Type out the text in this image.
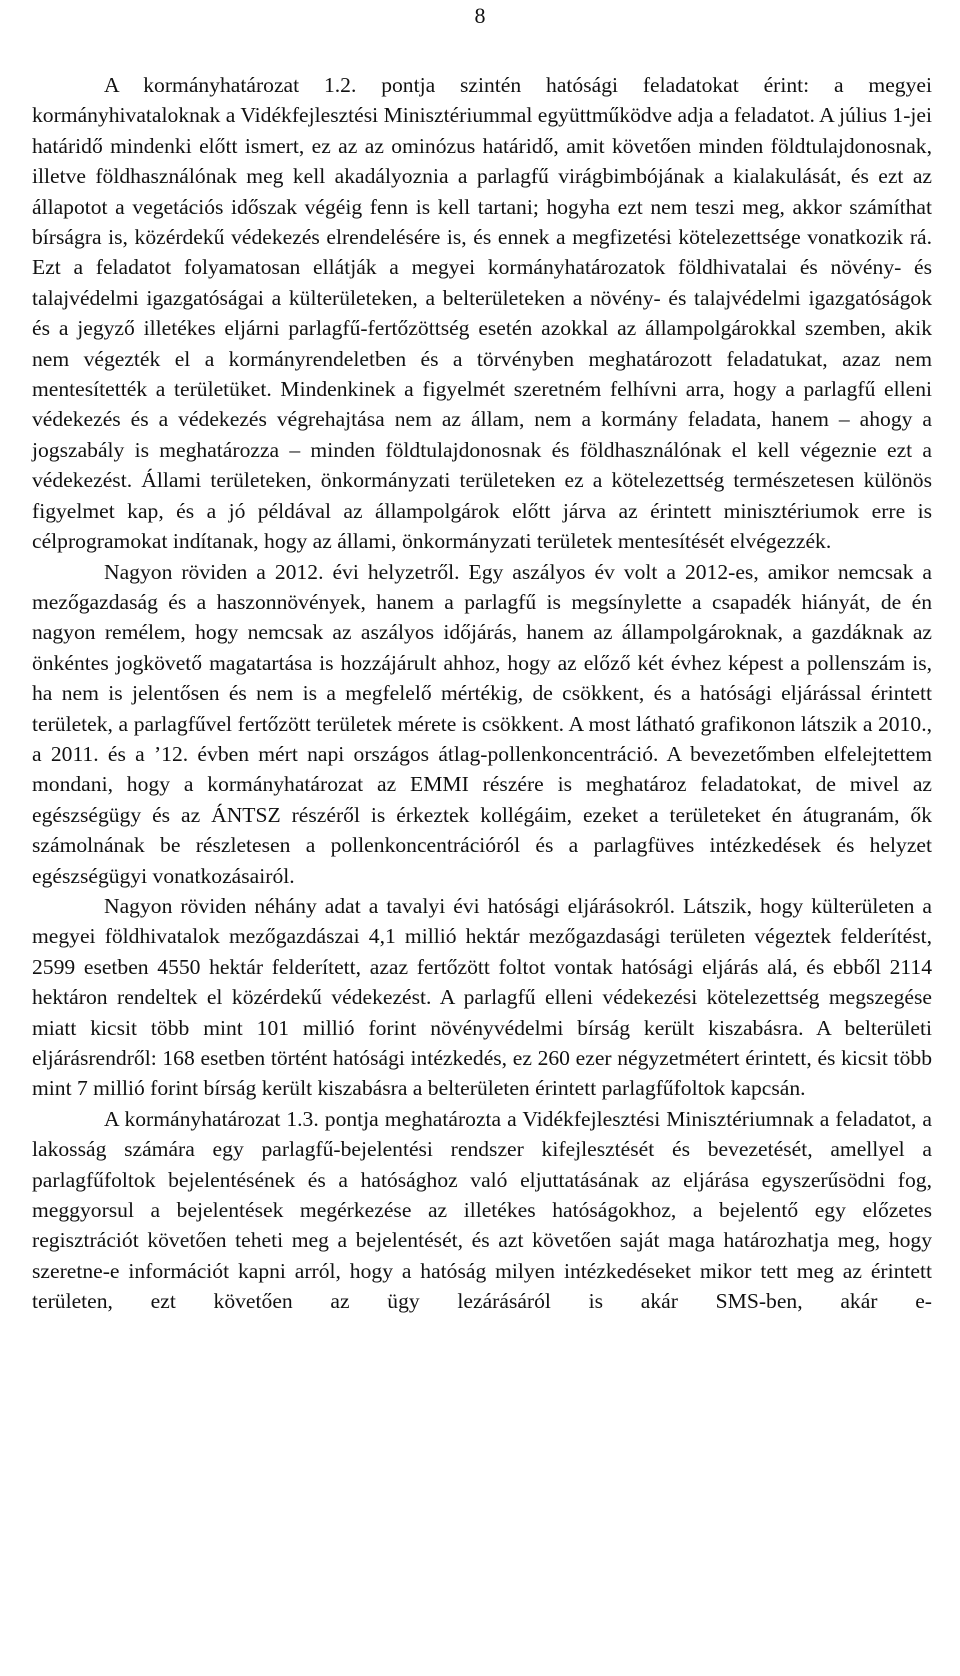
8

A kormányhatározat 1.2. pontja szintén hatósági feladatokat érint: a megyei kormányhivataloknak a Vidékfejlesztési Minisztériummal együttműködve adja a feladatot. A július 1-jei határidő mindenki előtt ismert, ez az az ominózus határidő, amit követően minden földtulajdonosnak, illetve földhasználónak meg kell akadályoznia a parlagfű virágbimbójának a kialakulását, és ezt az állapotot a vegetációs időszak végéig fenn is kell tartani; hogyha ezt nem teszi meg, akkor számíthat bírságra is, közérdekű védekezés elrendelésére is, és ennek a megfizetési kötelezettsége vonatkozik rá. Ezt a feladatot folyamatosan ellátják a megyei kormányhatározatok földhivatalai és növény- és talajvédelmi igazgatóságai a külterületeken, a belterületeken a növény- és talajvédelmi igazgatóságok és a jegyző illetékes eljárni parlagfű-fertőzöttség esetén azokkal az állampolgárokkal szemben, akik nem végezték el a kormányrendeletben és a törvényben meghatározott feladatukat, azaz nem mentesítették a területüket. Mindenkinek a figyelmét szeretném felhívni arra, hogy a parlagfű elleni védekezés és a védekezés végrehajtása nem az állam, nem a kormány feladata, hanem – ahogy a jogszabály is meghatározza – minden földtulajdonosnak és földhasználónak el kell végeznie ezt a védekezést. Állami területeken, önkormányzati területeken ez a kötelezettség természetesen különös figyelmet kap, és a jó példával az állampolgárok előtt járva az érintett minisztériumok erre is célprogramokat indítanak, hogy az állami, önkormányzati területek mentesítését elvégezzék.

Nagyon röviden a 2012. évi helyzetről. Egy aszályos év volt a 2012-es, amikor nemcsak a mezőgazdaság és a haszonnövények, hanem a parlagfű is megsínylette a csapadék hiányát, de én nagyon remélem, hogy nemcsak az aszályos időjárás, hanem az állampolgároknak, a gazdáknak az önkéntes jogkövető magatartása is hozzájárult ahhoz, hogy az előző két évhez képest a pollenszám is, ha nem is jelentősen és nem is a megfelelő mértékig, de csökkent, és a hatósági eljárással érintett területek, a parlagfűvel fertőzött területek mérete is csökkent. A most látható grafikonon látszik a 2010., a 2011. és a ’12. évben mért napi országos átlag-pollenkoncentráció. A bevezetőmben elfelejtettem mondani, hogy a kormányhatározat az EMMI részére is meghatároz feladatokat, de mivel az egészségügy és az ÁNTSZ részéről is érkeztek kollégáim, ezeket a területeket én átugranám, ők számolnának be részletesen a pollenkoncentrációról és a parlagfüves intézkedések és helyzet egészségügyi vonatkozásairól.

Nagyon röviden néhány adat a tavalyi évi hatósági eljárásokról. Látszik, hogy külterületen a megyei földhivatalok mezőgazdászai 4,1 millió hektár mezőgazdasági területen végeztek felderítést, 2599 esetben 4550 hektár felderített, azaz fertőzött foltot vontak hatósági eljárás alá, és ebből 2114 hektáron rendeltek el közérdekű védekezést. A parlagfű elleni védekezési kötelezettség megszegése miatt kicsit több mint 101 millió forint növényvédelmi bírság került kiszabásra. A belterületi eljárásrendről: 168 esetben történt hatósági intézkedés, ez 260 ezer négyzetmétert érintett, és kicsit több mint 7 millió forint bírság került kiszabásra a belterületen érintett parlagfűfoltok kapcsán.

A kormányhatározat 1.3. pontja meghatározta a Vidékfejlesztési Minisztériumnak a feladatot, a lakosság számára egy parlagfű-bejelentési rendszer kifejlesztését és bevezetését, amellyel a parlagfűfoltok bejelentésének és a hatósághoz való eljuttatásának az eljárása egyszerűsödni fog, meggyorsul a bejelentések megérkezése az illetékes hatóságokhoz, a bejelentő egy előzetes regisztrációt követően teheti meg a bejelentését, és azt követően saját maga határozhatja meg, hogy szeretne-e információt kapni arról, hogy a hatóság milyen intézkedéseket mikor tett meg az érintett területen, ezt követően az ügy lezárásáról is akár SMS-ben, akár e-
